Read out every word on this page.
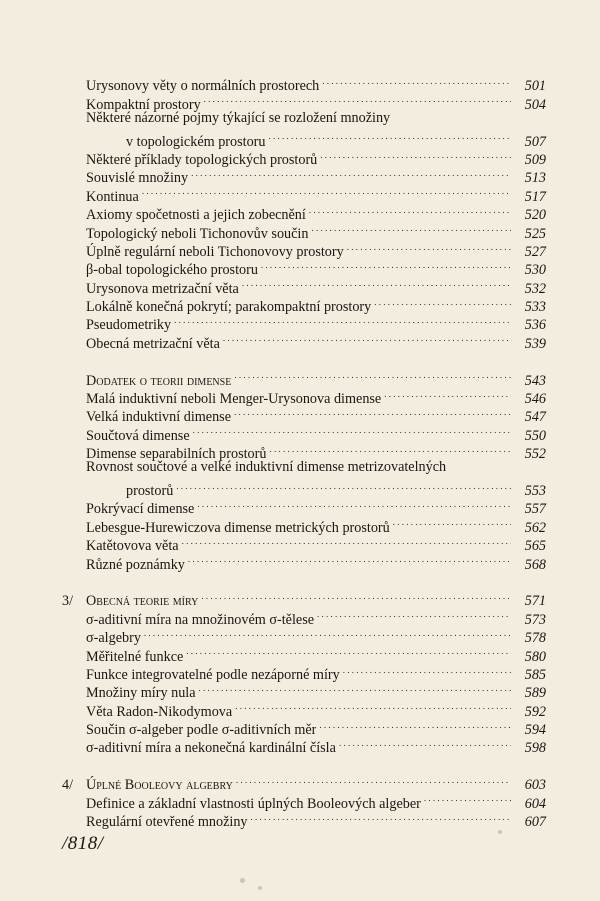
Urysonovy věty o normálních prostorech . . .	501
Kompaktní prostory . . .	504
Některé názorné pojmy týkající se rozložení množiny
v topologickém prostoru . . .	507
Některé příklady topologických prostorů . . .	509
Souvislé množiny . . .	513
Kontinua . . .	517
Axiomy spočetnosti a jejich zobecnění . . .	520
Topologický neboli Tichonovův součin . . .	525
Úplně regulární neboli Tichonovovy prostory . . .	527
β-obal topologického prostoru . . .	530
Urysonova metrizační věta . . .	532
Lokálně konečná pokrytí; parakompaktní prostory . . .	533
Pseudometriky . . .	536
Obecná metrizační věta . . .	539
Dodatek o teorii dimense . . .	543
Malá induktivní neboli Menger-Urysonova dimense . . .	546
Velká induktivní dimense . . .	547
Součtová dimense . . .	550
Dimense separabilních prostorů . . .	552
Rovnost součtové a velké induktivní dimense metrizovatelných
prostorů . . .	553
Pokrývací dimense . . .	557
Lebesgue-Hurewiczova dimense metrických prostorů . . .	562
Katětovova věta . . .	565
Různé poznámky . . .	568
3/ Obecná teorie míry . . .	571
σ-aditivní míra na množinovém σ-tělese . . .	573
σ-algebry . . .	578
Měřitelné funkce . . .	580
Funkce integrovatelné podle nezáporné míry . . .	585
Množiny míry nula . . .	589
Věta Radon-Nikodymova . . .	592
Součin σ-algeber podle σ-aditivních měr . . .	594
σ-aditivní míra a nekonečná kardinální čísla . . .	598
4/ Úplné Booleovy algebry . . .	603
Definice a základní vlastnosti úplných Booleových algeber . . .	604
Regulární otevřené množiny . . .	607
/818/
